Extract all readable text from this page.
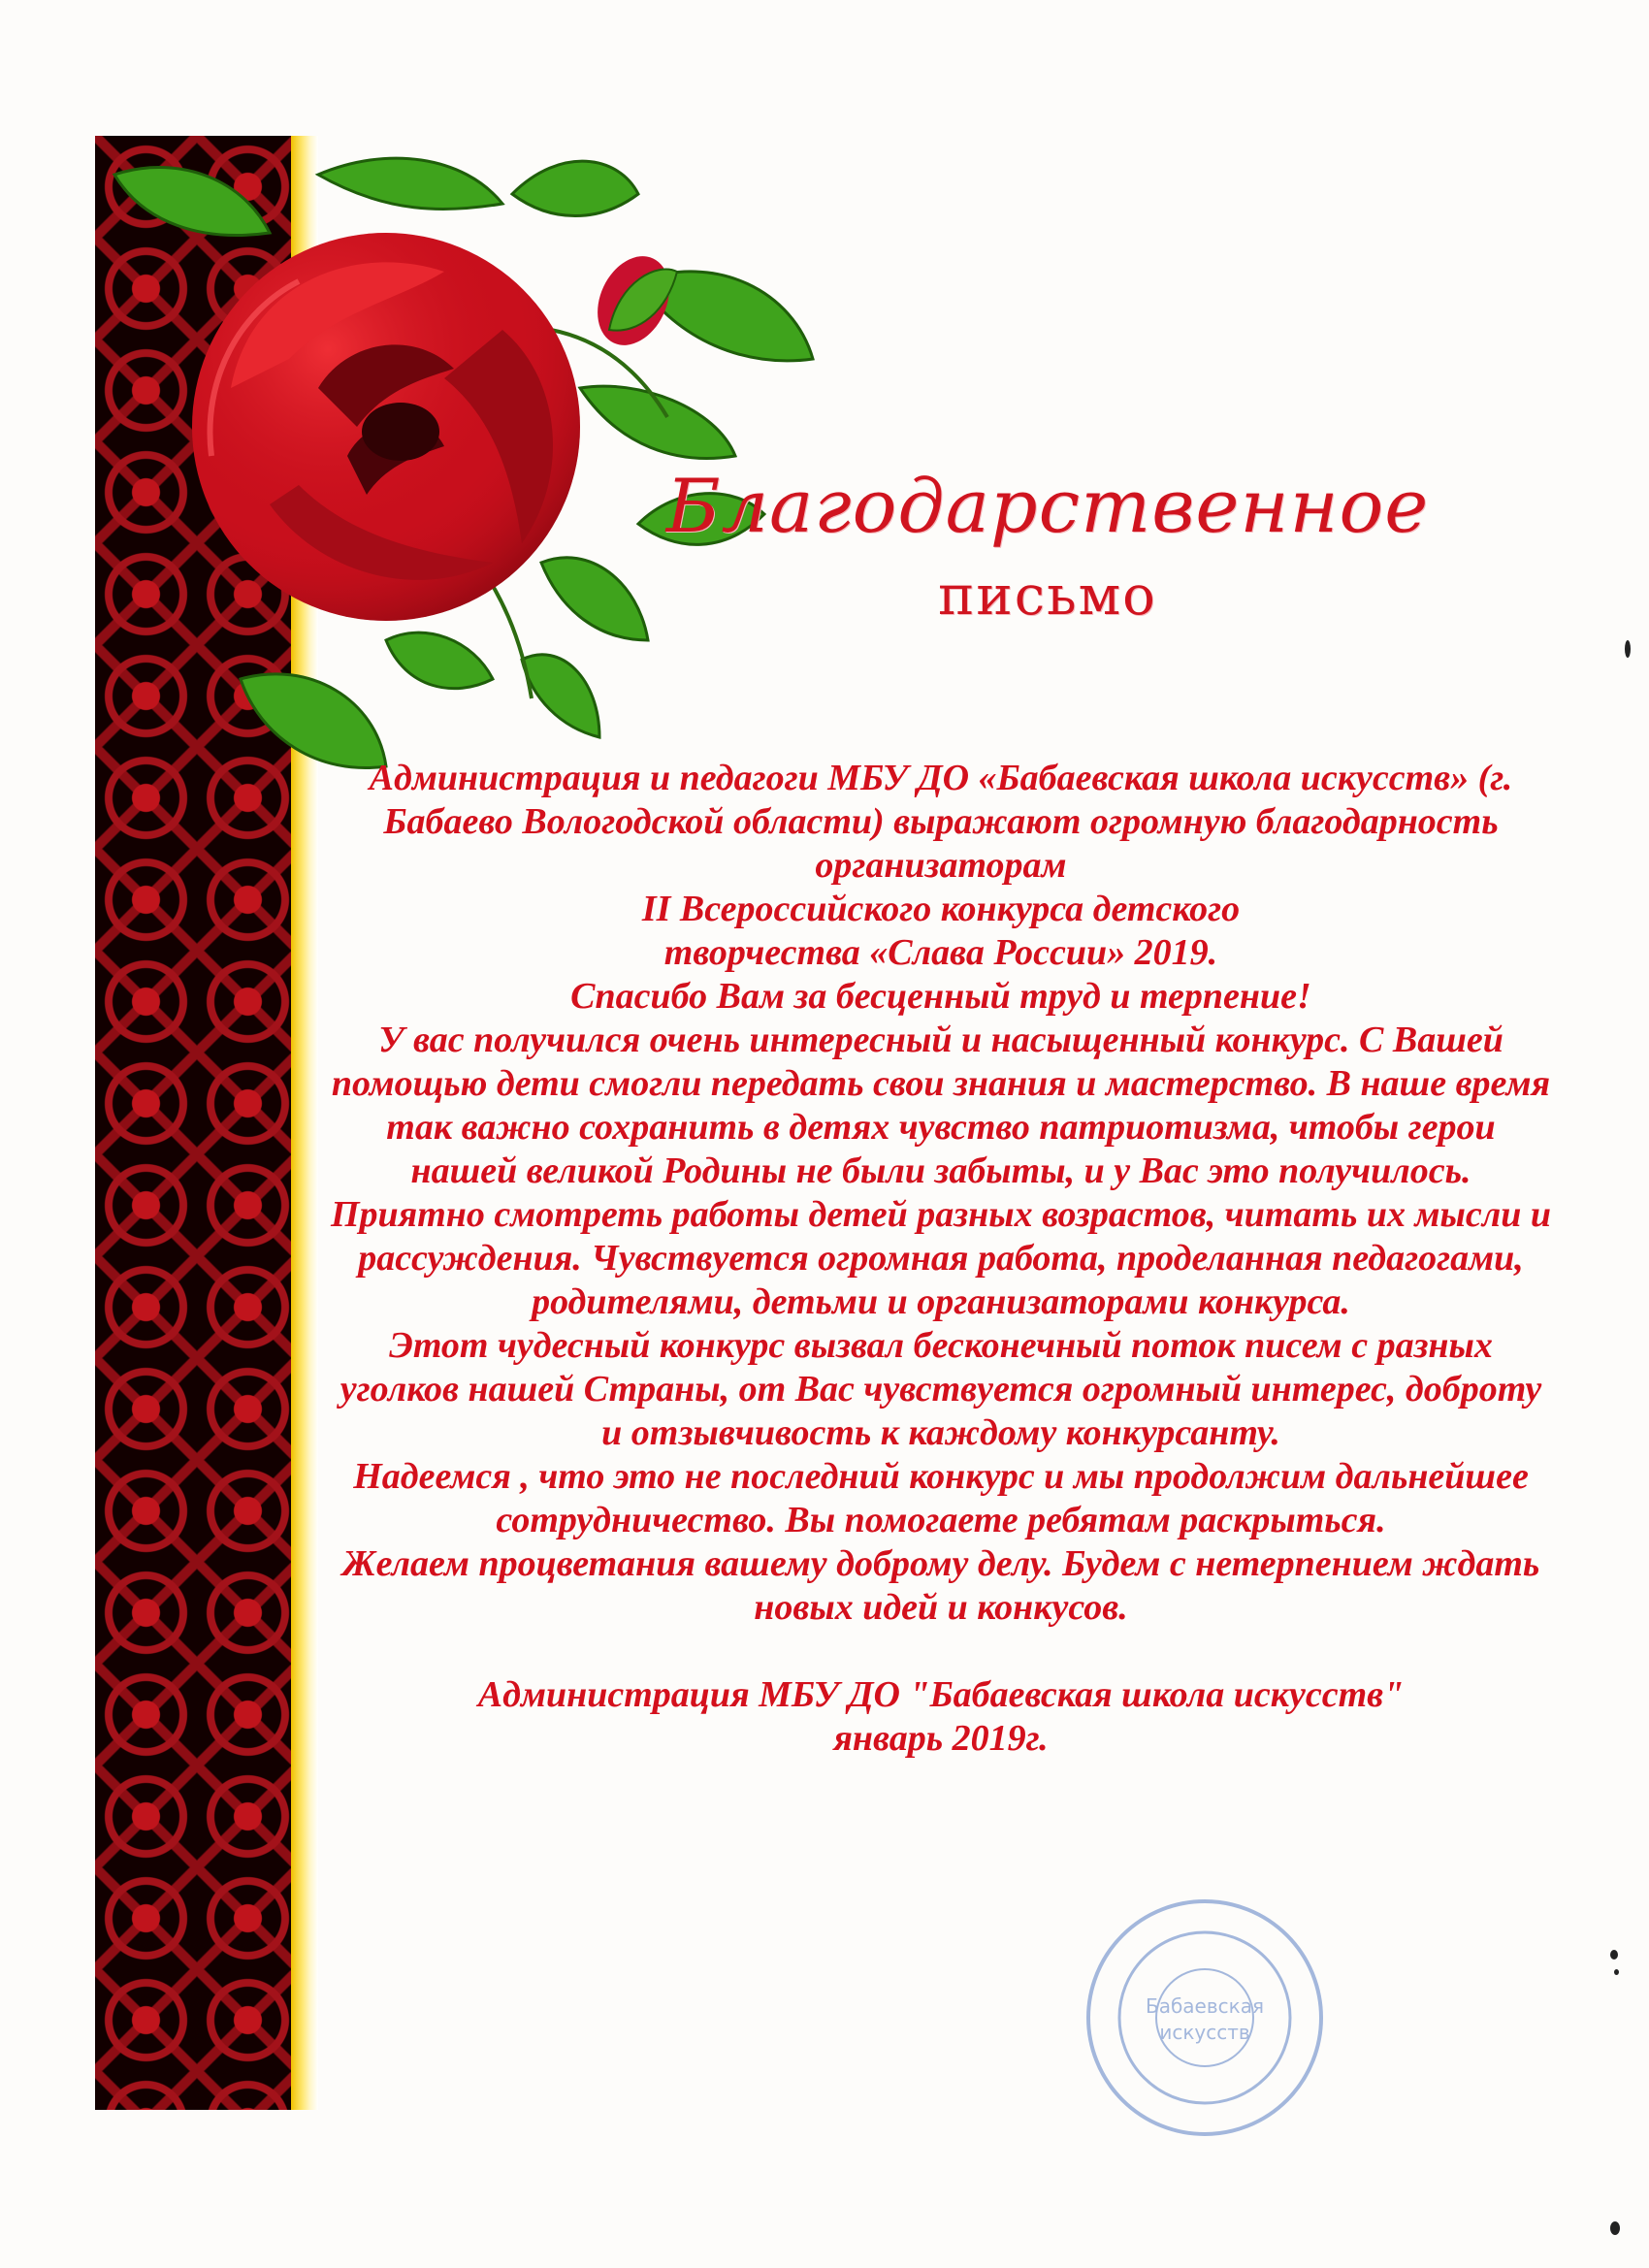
Благодарственное
письмо

Администрация и педагоги МБУ ДО «Бабаевская школа искусств» (г. Бабаево Вологодской области) выражают огромную благодарность организаторам

II Всероссийского конкурса детского

творчества «Слава России» 2019.

Спасибо Вам за бесценный труд и терпение!

У вас получился очень интересный и насыщенный конкурс. С Вашей помощью дети смогли передать свои знания и мастерство. В наше время так важно сохранить в детях чувство патриотизма, чтобы герои нашей великой Родины не были забыты, и у Вас это получилось. Приятно смотреть работы детей разных возрастов, читать их мысли и рассуждения. Чувствуется огромная работа, проделанная педагогами, родителями, детьми и организаторами конкурса.

Этот чудесный конкурс вызвал бесконечный поток писем с разных уголков нашей Страны, от Вас чувствуется огромный интерес, доброту и отзывчивость к каждому конкурсанту.

Надеемся , что это не последний конкурс и мы продолжим дальнейшее сотрудничество. Вы помогаете ребятам раскрыться.

Желаем процветания вашему доброму делу. Будем с нетерпением ждать новых идей и конкусов.

Администрация МБУ ДО "Бабаевская школа искусств"

январь 2019г.

Бабаевская
искусств
